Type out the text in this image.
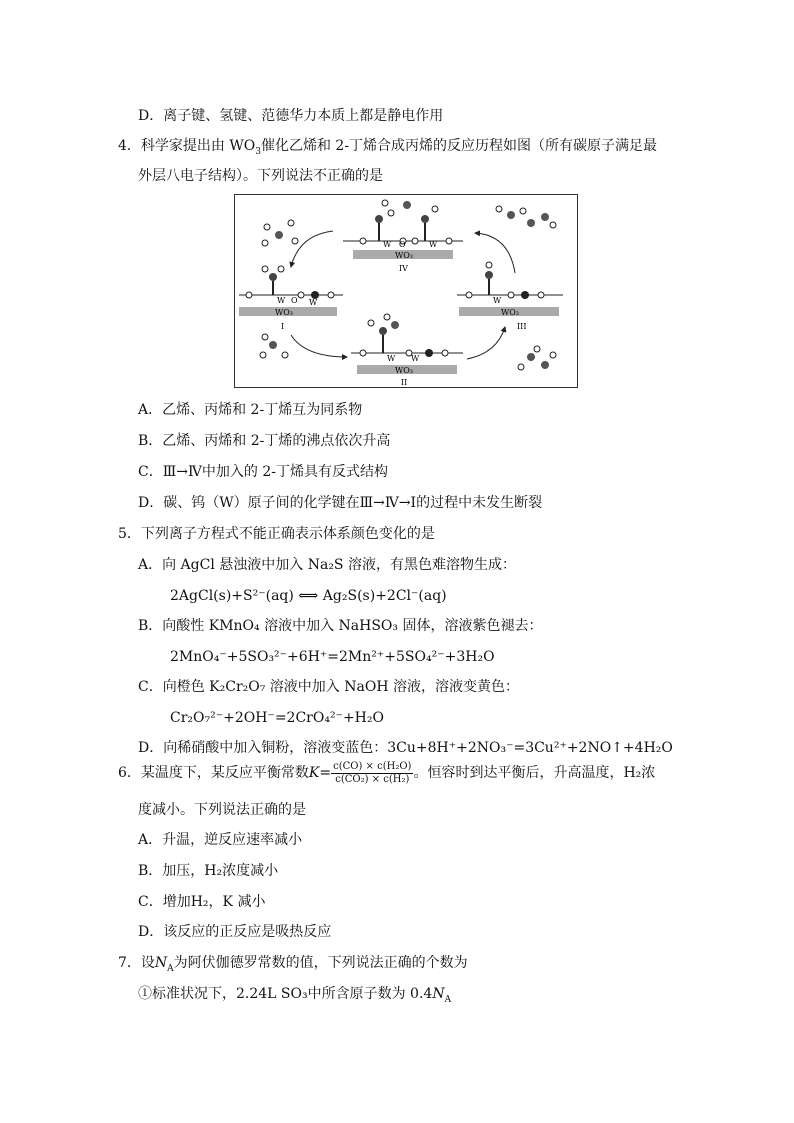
D．离子键、氢键、范德华力本质上都是静电作用
4．科学家提出由 $WO_3$催化乙烯和 2-丁烯合成丙烯的反应历程如图（所有碳原子满足最
外层八电子结构）。下列说法不正确的是
WO₃
IV
W	W
O
WO₃
I
W O W
WO₃
II
W W
WO₃
III
W
A．乙烯、丙烯和 2-丁烯互为同系物
B．乙烯、丙烯和 2-丁烯的沸点依次升高
C．Ⅲ→Ⅳ中加入的 2-丁烯具有反式结构
D．碳、钨（W）原子间的化学键在Ⅲ→Ⅳ→Ⅰ的过程中未发生断裂
5．下列离子方程式不能正确表示体系颜色变化的是
A．向 AgCl 悬浊液中加入 Na₂S 溶液，有黑色难溶物生成：
2AgCl(s)+S²⁻(aq) ⟺ Ag₂S(s)+2Cl⁻(aq)
B．向酸性 KMnO₄ 溶液中加入 NaHSO₃ 固体，溶液紫色褪去：
2MnO₄⁻+5SO₃²⁻+6H⁺=2Mn²⁺+5SO₄²⁻+3H₂O
C．向橙色 K₂Cr₂O₇ 溶液中加入 NaOH 溶液，溶液变黄色：
Cr₂O₇²⁻+2OH⁻=2CrO₄²⁻+H₂O
D．向稀硝酸中加入铜粉，溶液变蓝色：3Cu+8H⁺+2NO₃⁻=3Cu²⁺+2NO↑+4H₂O
6．某温度下，某反应平衡常数$K= \frac{\text{c(CO) × c(H₂O)}}{\text{c(CO₂) × c(H₂)}}$ 。恒容时到达平衡后，升高温度，H₂浓
度减小。下列说法正确的是
A．升温，逆反应速率减小
B．加压，H₂浓度减小
C．增加H₂，K 减小
D．该反应的正反应是吸热反应
7．设$N_A$为阿伏伽德罗常数的值，下列说法正确的个数为
①标准状况下，2.24L SO₃中所含原子数为 $0.4N_A$
